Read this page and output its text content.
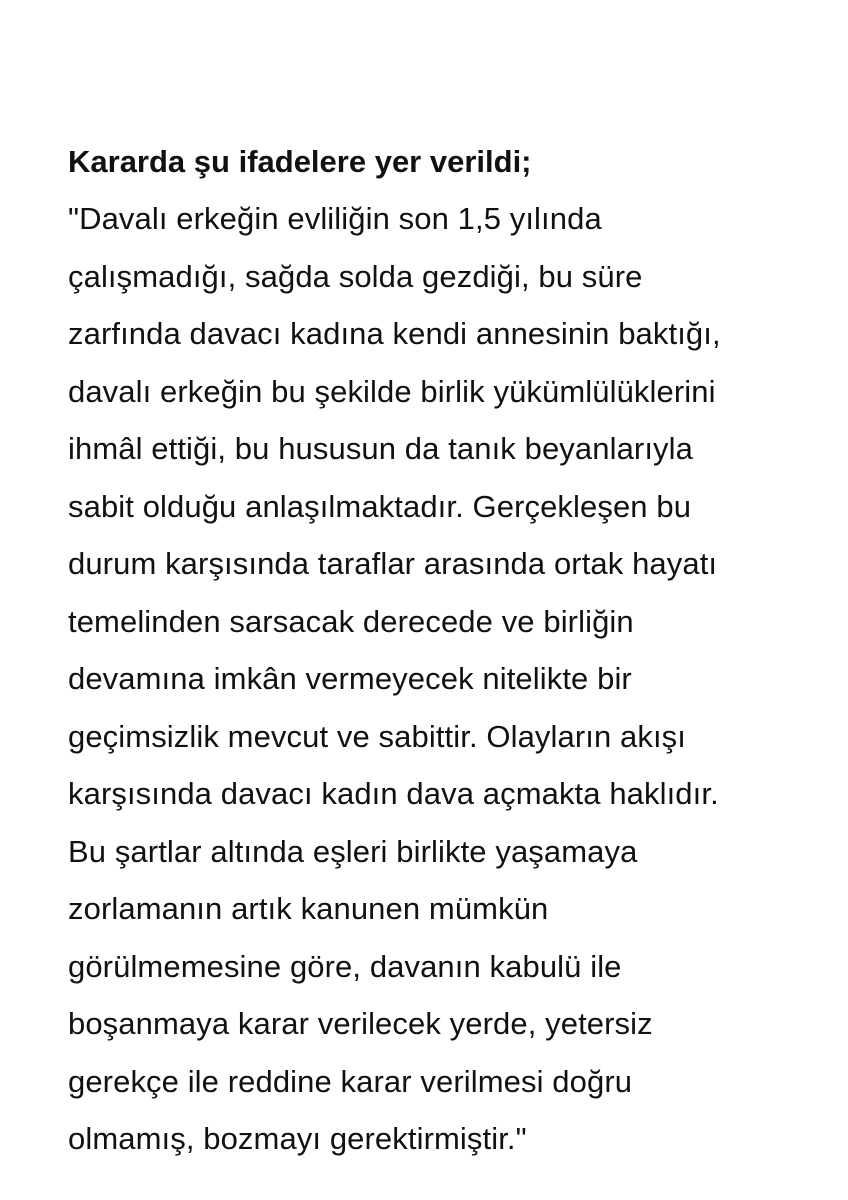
Kararda şu ifadelere yer verildi;

"Davalı erkeğin evliliğin son 1,5 yılında

çalışmadığı, sağda solda gezdiği, bu süre

zarfında davacı kadına kendi annesinin baktığı,

davalı erkeğin bu şekilde birlik yükümlülüklerini

ihmâl ettiği, bu hususun da tanık beyanlarıyla

sabit olduğu anlaşılmaktadır. Gerçekleşen bu

durum karşısında taraflar arasında ortak hayatı

temelinden sarsacak derecede ve birliğin

devamına imkân vermeyecek nitelikte bir

geçimsizlik mevcut ve sabittir. Olayların akışı

karşısında davacı kadın dava açmakta haklıdır.

Bu şartlar altında eşleri birlikte yaşamaya

zorlamanın artık kanunen mümkün

görülmemesine göre, davanın kabulü ile

boşanmaya karar verilecek yerde, yetersiz

gerekçe ile reddine karar verilmesi doğru

olmamış, bozmayı gerektirmiştir."
